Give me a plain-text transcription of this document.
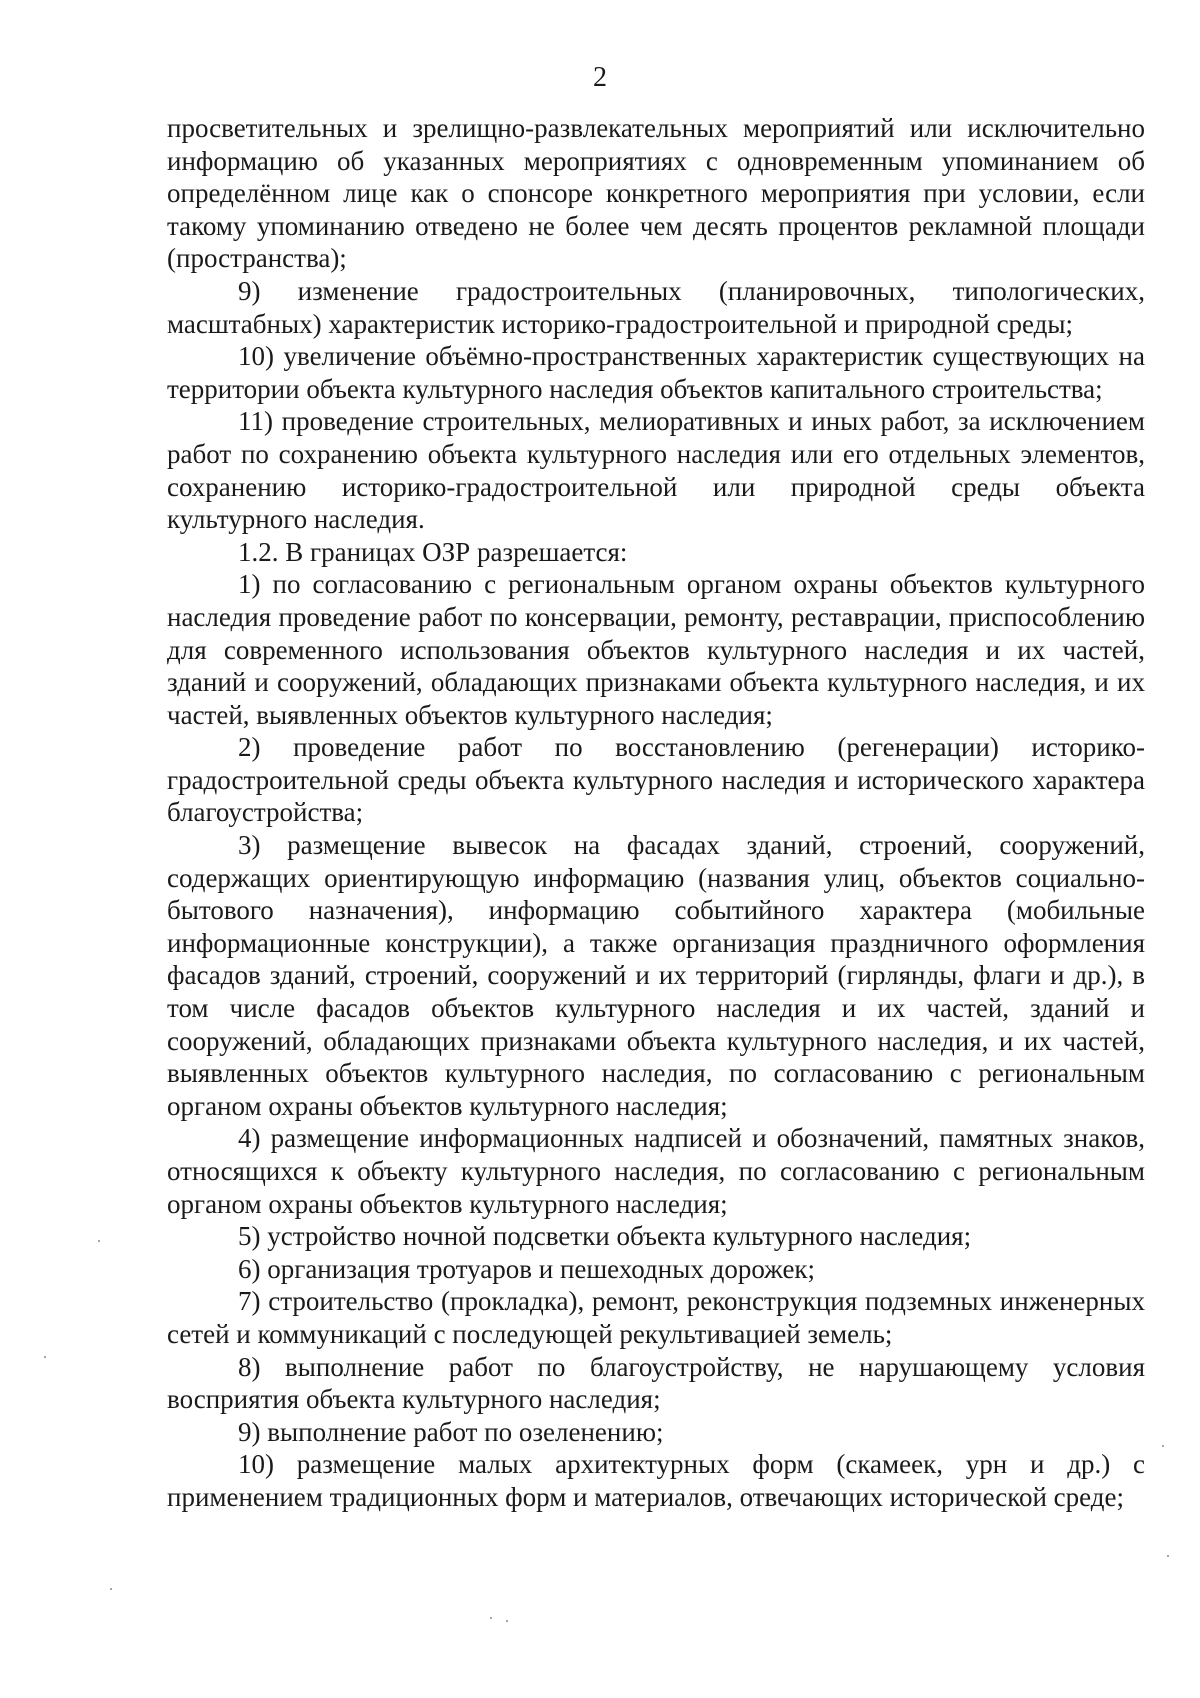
2

просветительных и зрелищно-развлекательных мероприятий или исключительно информацию об указанных мероприятиях с одновременным упоминанием об определённом лице как о спонсоре конкретного мероприятия при условии, если такому упоминанию отведено не более чем десять процентов рекламной площади (пространства);

9) изменение градостроительных (планировочных, типологических, масштабных) характеристик историко-градостроительной и природной среды;

10) увеличение объёмно-пространственных характеристик существующих на территории объекта культурного наследия объектов капитального строительства;

11) проведение строительных, мелиоративных и иных работ, за исключением работ по сохранению объекта культурного наследия или его отдельных элементов, сохранению историко-градостроительной или природной среды объекта культурного наследия.

1.2. В границах ОЗР разрешается:

1) по согласованию с региональным органом охраны объектов культурного наследия проведение работ по консервации, ремонту, реставрации, приспособлению для современного использования объектов культурного наследия и их частей, зданий и сооружений, обладающих признаками объекта культурного наследия, и их частей, выявленных объектов культурного наследия;

2) проведение работ по восстановлению (регенерации) историко-градостроительной среды объекта культурного наследия и исторического характера благоустройства;

3) размещение вывесок на фасадах зданий, строений, сооружений, содержащих ориентирующую информацию (названия улиц, объектов социально-бытового назначения), информацию событийного характера (мобильные информационные конструкции), а также организация праздничного оформления фасадов зданий, строений, сооружений и их территорий (гирлянды, флаги и др.), в том числе фасадов объектов культурного наследия и их частей, зданий и сооружений, обладающих признаками объекта культурного наследия, и их частей, выявленных объектов культурного наследия, по согласованию с региональным органом охраны объектов культурного наследия;

4) размещение информационных надписей и обозначений, памятных знаков, относящихся к объекту культурного наследия, по согласованию с региональным органом охраны объектов культурного наследия;

5) устройство ночной подсветки объекта культурного наследия;

6) организация тротуаров и пешеходных дорожек;

7) строительство (прокладка), ремонт, реконструкция подземных инженерных сетей и коммуникаций с последующей рекультивацией земель;

8) выполнение работ по благоустройству, не нарушающему условия восприятия объекта культурного наследия;

9) выполнение работ по озеленению;

10) размещение малых архитектурных форм (скамеек, урн и др.) с применением традиционных форм и материалов, отвечающих исторической среде;
